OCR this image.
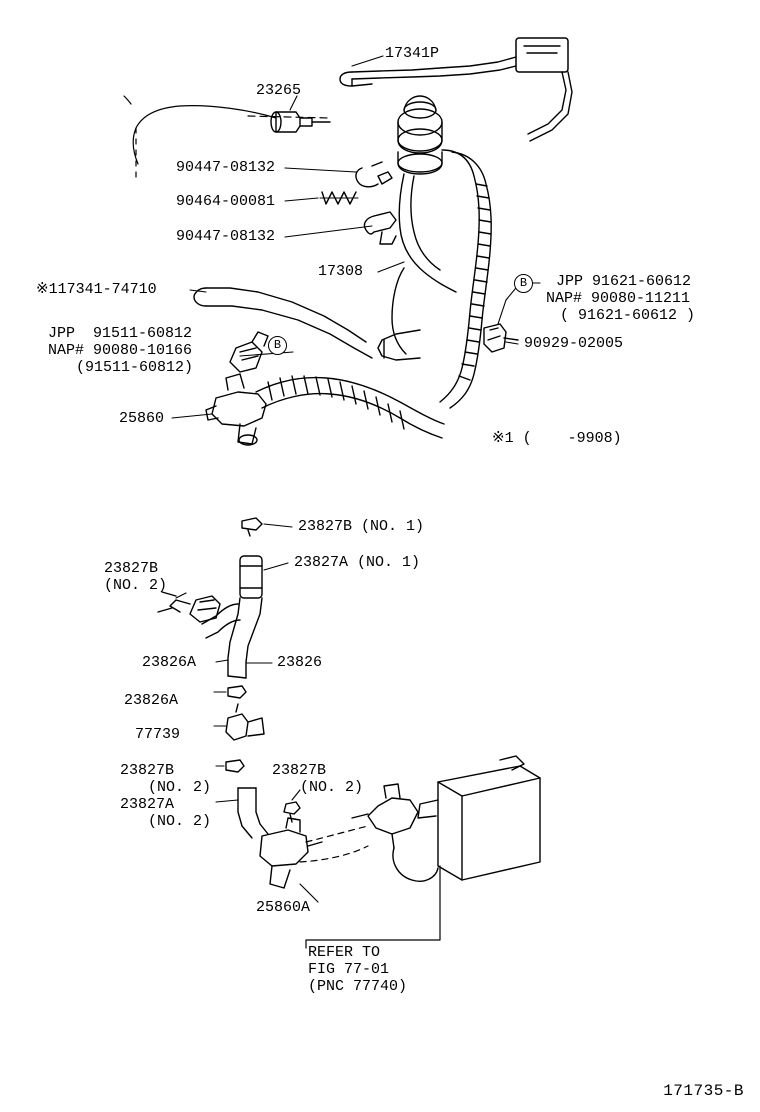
17341P
23265
90447-08132
90464-00081
90447-08132
17308
※117341-74710
JPP  91511-60812
NAP# 90080-10166
(91511-60812)
B
25860
B	JPP 91621-60612
NAP# 90080-11211
( 91621-60612 )
90929-02005
※1 (    -9908)
23827B (NO. 1)
23827A (NO. 1)
23827B
(NO. 2)
23826A	23826
23826A
77739
23827B
(NO. 2)
23827A
(NO. 2)
23827B
(NO. 2)
25860A
REFER TO
FIG 77-01
(PNC 77740)
171735-B
